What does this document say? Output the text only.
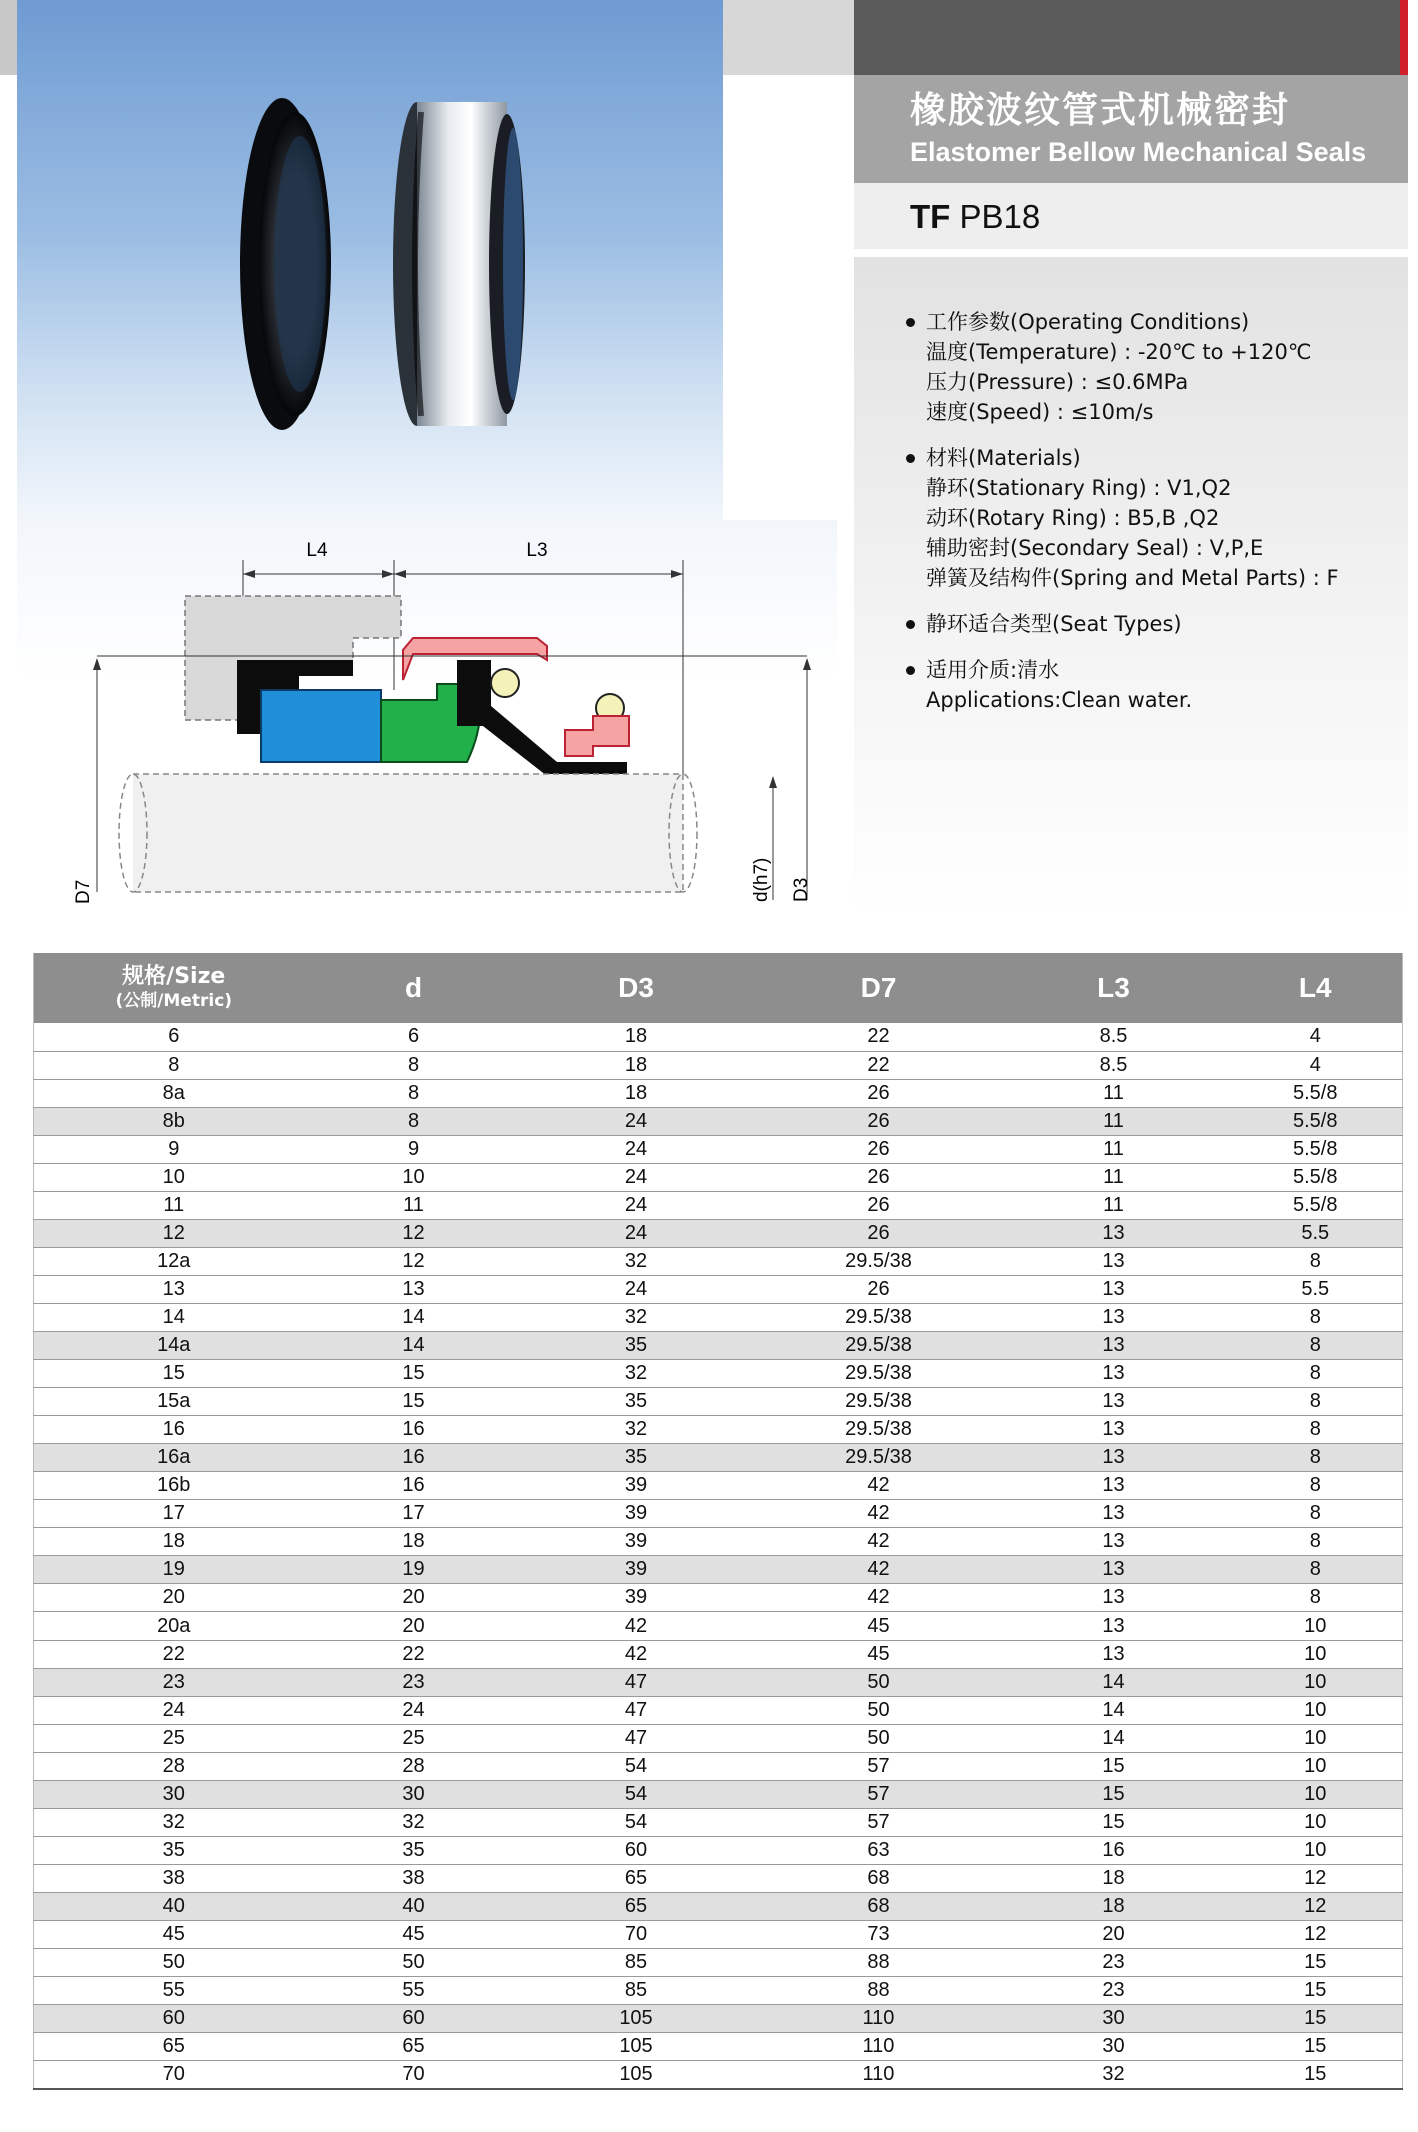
橡胶波纹管式机械密封
Elastomer Bellow Mechanical Seals
TF PB18
工作参数(Operating Conditions)
温度(Temperature) : -20℃ to +120℃
压力(Pressure) : ≤0.6MPa
速度(Speed) : ≤10m/s
材料(Materials)
静环(Stationary Ring) : V1,Q2
动环(Rotary Ring) : B5,B ,Q2
辅助密封(Secondary Seal) : V,P,E
弹簧及结构件(Spring and Metal Parts) : F
静环适合类型(Seat Types)
适用介质:清水
Applications:Clean water.
L4	L3
D7	D3
d(h7)
规格/Size
(公制/Metric)	d	D3	D7	L3	L4
6	6	18	22	8.5	4
8	8	18	22	8.5	4
8a	8	18	26	11	5.5/8
8b	8	24	26	11	5.5/8
9	9	24	26	11	5.5/8
10	10	24	26	11	5.5/8
11	11	24	26	11	5.5/8
12	12	24	26	13	5.5
12a	12	32	29.5/38	13	8
13	13	24	26	13	5.5
14	14	32	29.5/38	13	8
14a	14	35	29.5/38	13	8
15	15	32	29.5/38	13	8
15a	15	35	29.5/38	13	8
16	16	32	29.5/38	13	8
16a	16	35	29.5/38	13	8
16b	16	39	42	13	8
17	17	39	42	13	8
18	18	39	42	13	8
19	19	39	42	13	8
20	20	39	42	13	8
20a	20	42	45	13	10
22	22	42	45	13	10
23	23	47	50	14	10
24	24	47	50	14	10
25	25	47	50	14	10
28	28	54	57	15	10
30	30	54	57	15	10
32	32	54	57	15	10
35	35	60	63	16	10
38	38	65	68	18	12
40	40	65	68	18	12
45	45	70	73	20	12
50	50	85	88	23	15
55	55	85	88	23	15
60	60	105	110	30	15
65	65	105	110	30	15
70	70	105	110	32	15
